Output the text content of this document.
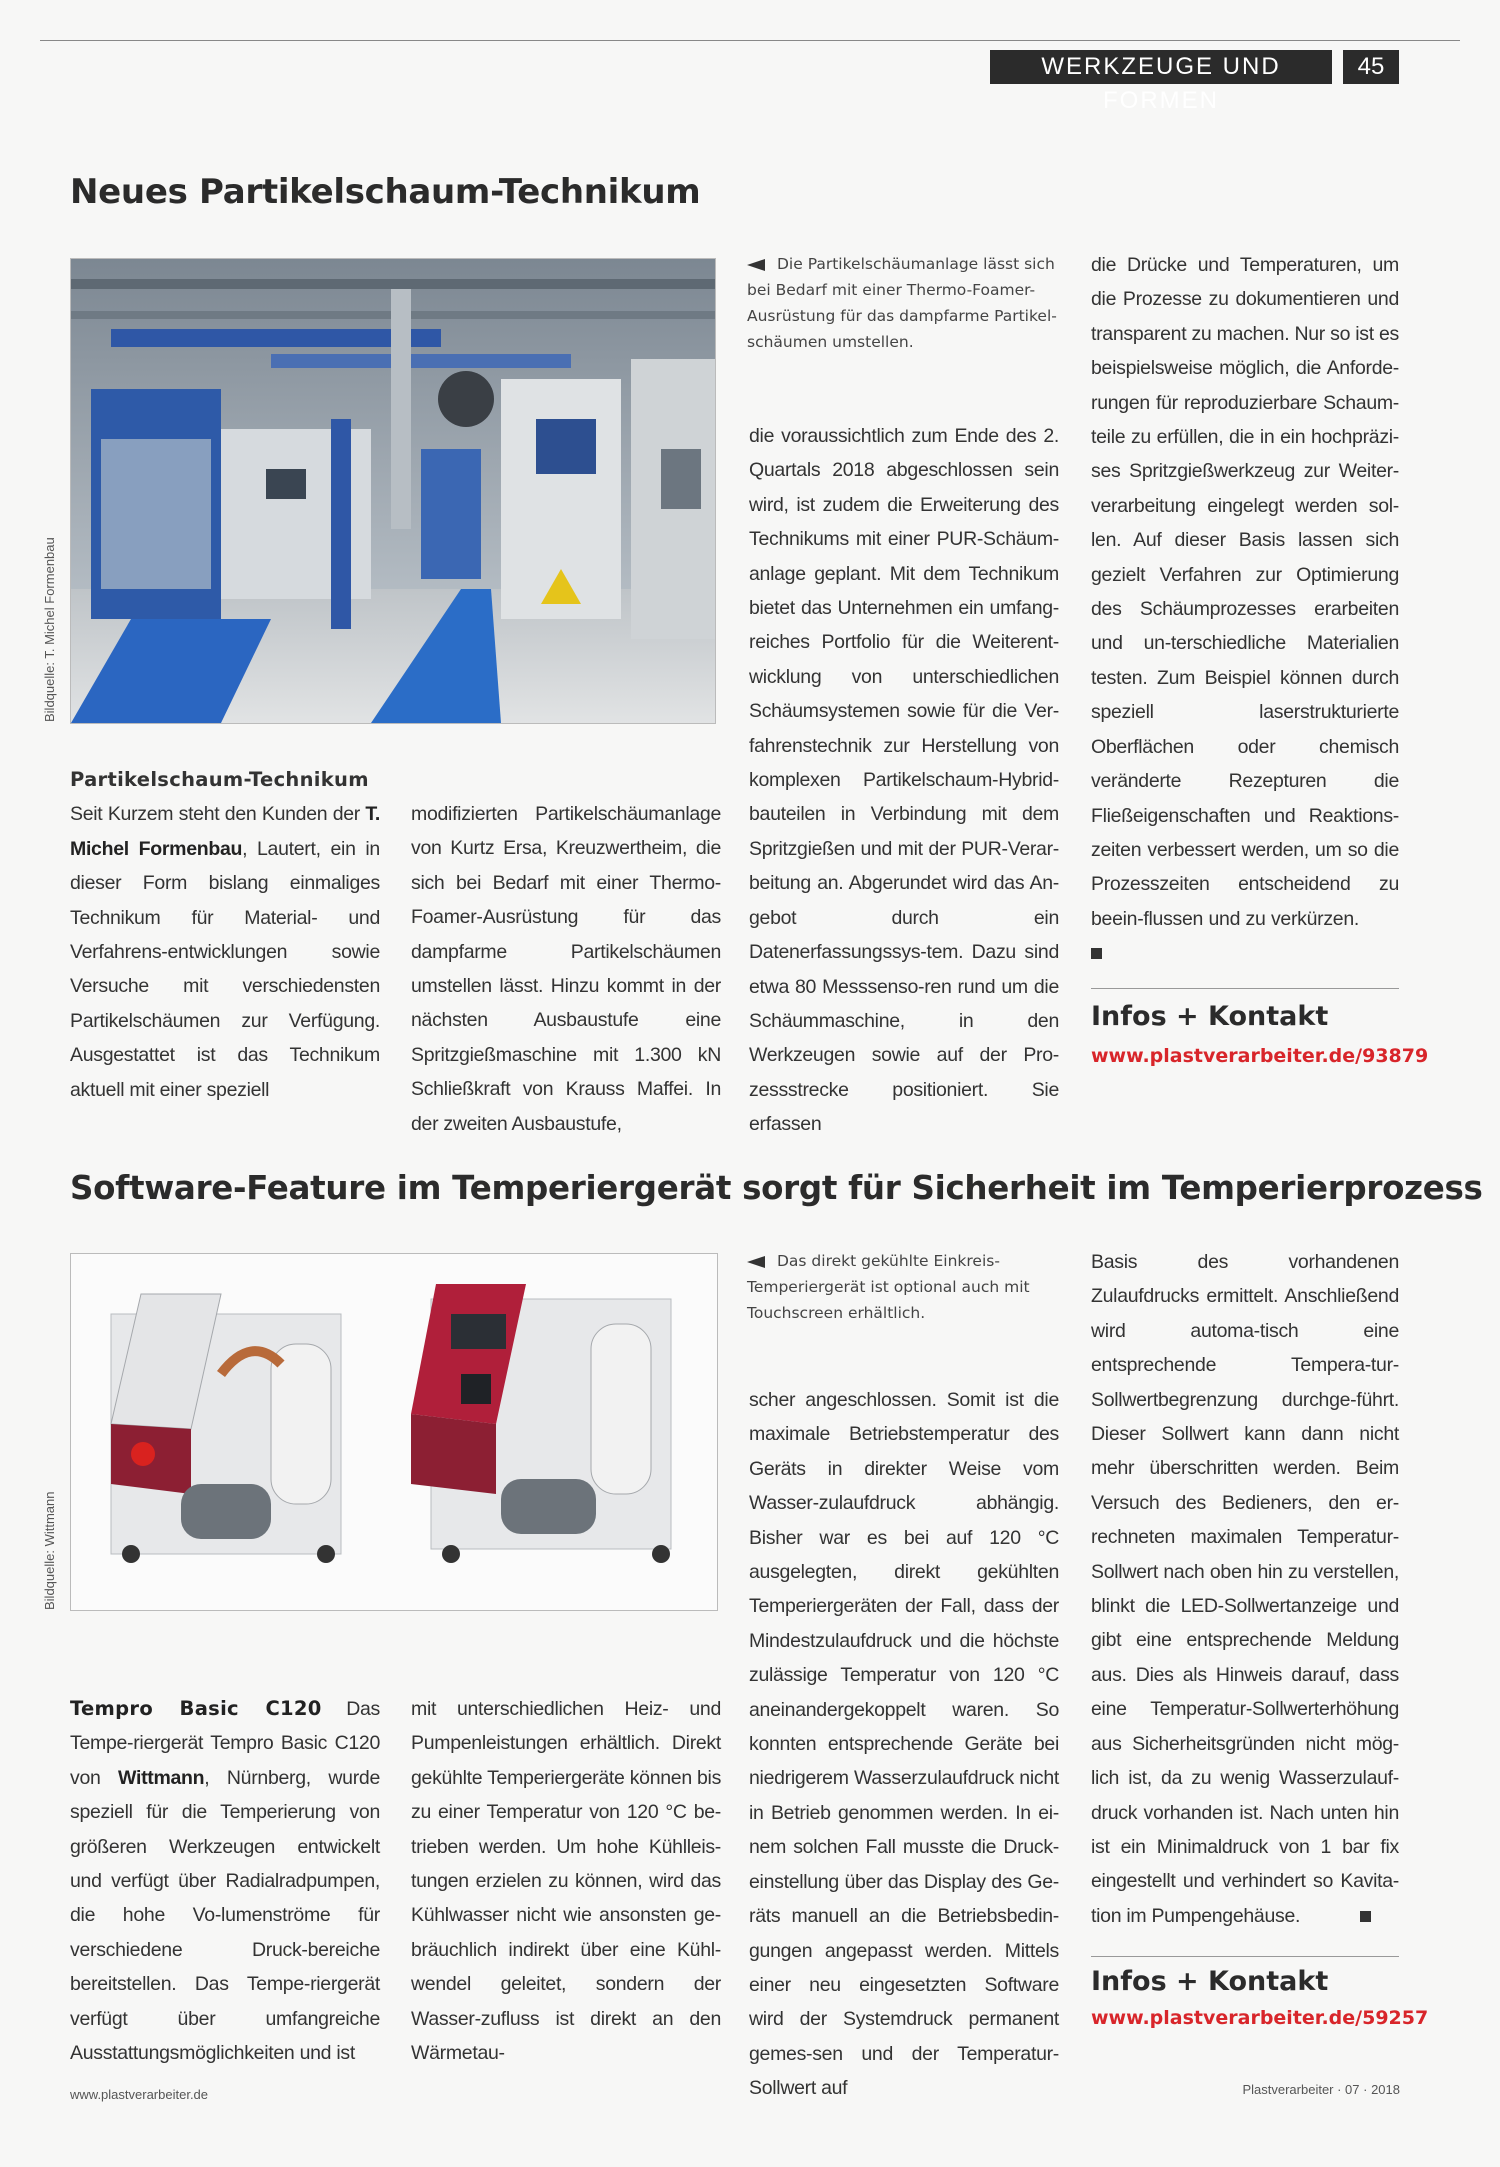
WERKZEUGE UND FORMEN
45
Neues Partikelschaum-Technikum
Bildquelle: T. Michel Formenbau
Die Partikelschäumanlage lässt sich bei Bedarf mit einer Thermo-Foamer-Ausrüstung für das dampfarme Partikel-schäumen umstellen.
Partikelschaum-Technikum
Seit Kurzem steht den Kunden der T. Michel Formenbau, Lautert, ein in dieser Form bislang einmaliges Technikum für Material- und Verfahrens-entwicklungen sowie Versuche mit verschiedensten Partikelschäumen zur Verfügung. Ausgestattet ist das Technikum aktuell mit einer speziell
modifizierten Partikelschäumanlage von Kurtz Ersa, Kreuzwertheim, die sich bei Bedarf mit einer Thermo-Foamer-Ausrüstung für das dampfarme Partikelschäumen umstellen lässt. Hinzu kommt in der nächsten Ausbaustufe eine Spritzgießmaschine mit 1.300 kN Schließkraft von Krauss Maffei. In der zweiten Ausbaustufe,
die voraussichtlich zum Ende des 2. Quartals 2018 abgeschlossen sein wird, ist zudem die Erweiterung des Technikums mit einer PUR-Schäum-anlage geplant. Mit dem Technikum bietet das Unternehmen ein umfang-reiches Portfolio für die Weiterent-wicklung von unterschiedlichen Schäumsystemen sowie für die Ver-fahrenstechnik zur Herstellung von komplexen Partikelschaum-Hybrid-bauteilen in Verbindung mit dem Spritzgießen und mit der PUR-Verar-beitung an. Abgerundet wird das An-gebot durch ein Datenerfassungssys-tem. Dazu sind etwa 80 Messsenso-ren rund um die Schäummaschine, in den Werkzeugen sowie auf der Pro-zessstrecke positioniert. Sie erfassen
die Drücke und Temperaturen, um die Prozesse zu dokumentieren und transparent zu machen. Nur so ist es beispielsweise möglich, die Anforde-rungen für reproduzierbare Schaum-teile zu erfüllen, die in ein hochpräzi-ses Spritzgießwerkzeug zur Weiter-verarbeitung eingelegt werden sol-len. Auf dieser Basis lassen sich gezielt Verfahren zur Optimierung des Schäumprozesses erarbeiten und un-terschiedliche Materialien testen. Zum Beispiel können durch speziell laserstrukturierte Oberflächen oder chemisch veränderte Rezepturen die Fließeigenschaften und Reaktions-zeiten verbessert werden, um so die Prozesszeiten entscheidend zu beein-flussen und zu verkürzen.
Infos + Kontakt
www.plastverarbeiter.de/93879
Software-Feature im Temperiergerät sorgt für Sicherheit im Temperierprozess
Bildquelle: Wittmann
Das direkt gekühlte Einkreis-Temperiergerät ist optional auch mit Touchscreen erhältlich.
Tempro Basic C120 Das Tempe-riergerät Tempro Basic C120 von Wittmann, Nürnberg, wurde speziell für die Temperierung von größeren Werkzeugen entwickelt und verfügt über Radialradpumpen, die hohe Vo-lumenströme für verschiedene Druck-bereiche bereitstellen. Das Tempe-riergerät verfügt über umfangreiche Ausstattungsmöglichkeiten und ist
mit unterschiedlichen Heiz- und Pumpenleistungen erhältlich. Direkt gekühlte Temperiergeräte können bis zu einer Temperatur von 120 °C be-trieben werden. Um hohe Kühlleis-tungen erzielen zu können, wird das Kühlwasser nicht wie ansonsten ge-bräuchlich indirekt über eine Kühl-wendel geleitet, sondern der Wasser-zufluss ist direkt an den Wärmetau-
scher angeschlossen. Somit ist die maximale Betriebstemperatur des Geräts in direkter Weise vom Wasser-zulaufdruck abhängig. Bisher war es bei auf 120 °C ausgelegten, direkt gekühlten Temperiergeräten der Fall, dass der Mindestzulaufdruck und die höchste zulässige Temperatur von 120 °C aneinandergekoppelt waren. So konnten entsprechende Geräte bei niedrigerem Wasserzulaufdruck nicht in Betrieb genommen werden. In ei-nem solchen Fall musste die Druck-einstellung über das Display des Ge-räts manuell an die Betriebsbedin-gungen angepasst werden. Mittels einer neu eingesetzten Software wird der Systemdruck permanent gemes-sen und der Temperatur-Sollwert auf
Basis des vorhandenen Zulaufdrucks ermittelt. Anschließend wird automa-tisch eine entsprechende Tempera-tur-Sollwertbegrenzung durchge-führt. Dieser Sollwert kann dann nicht mehr überschritten werden. Beim Versuch des Bedieners, den er-rechneten maximalen Temperatur-Sollwert nach oben hin zu verstellen, blinkt die LED-Sollwertanzeige und gibt eine entsprechende Meldung aus. Dies als Hinweis darauf, dass eine Temperatur-Sollwerterhöhung aus Sicherheitsgründen nicht mög-lich ist, da zu wenig Wasserzulauf-druck vorhanden ist. Nach unten hin ist ein Minimaldruck von 1 bar fix eingestellt und verhindert so Kavita-tion im Pumpengehäuse.
Infos + Kontakt
www.plastverarbeiter.de/59257
www.plastverarbeiter.de	Plastverarbeiter · 07 · 2018
